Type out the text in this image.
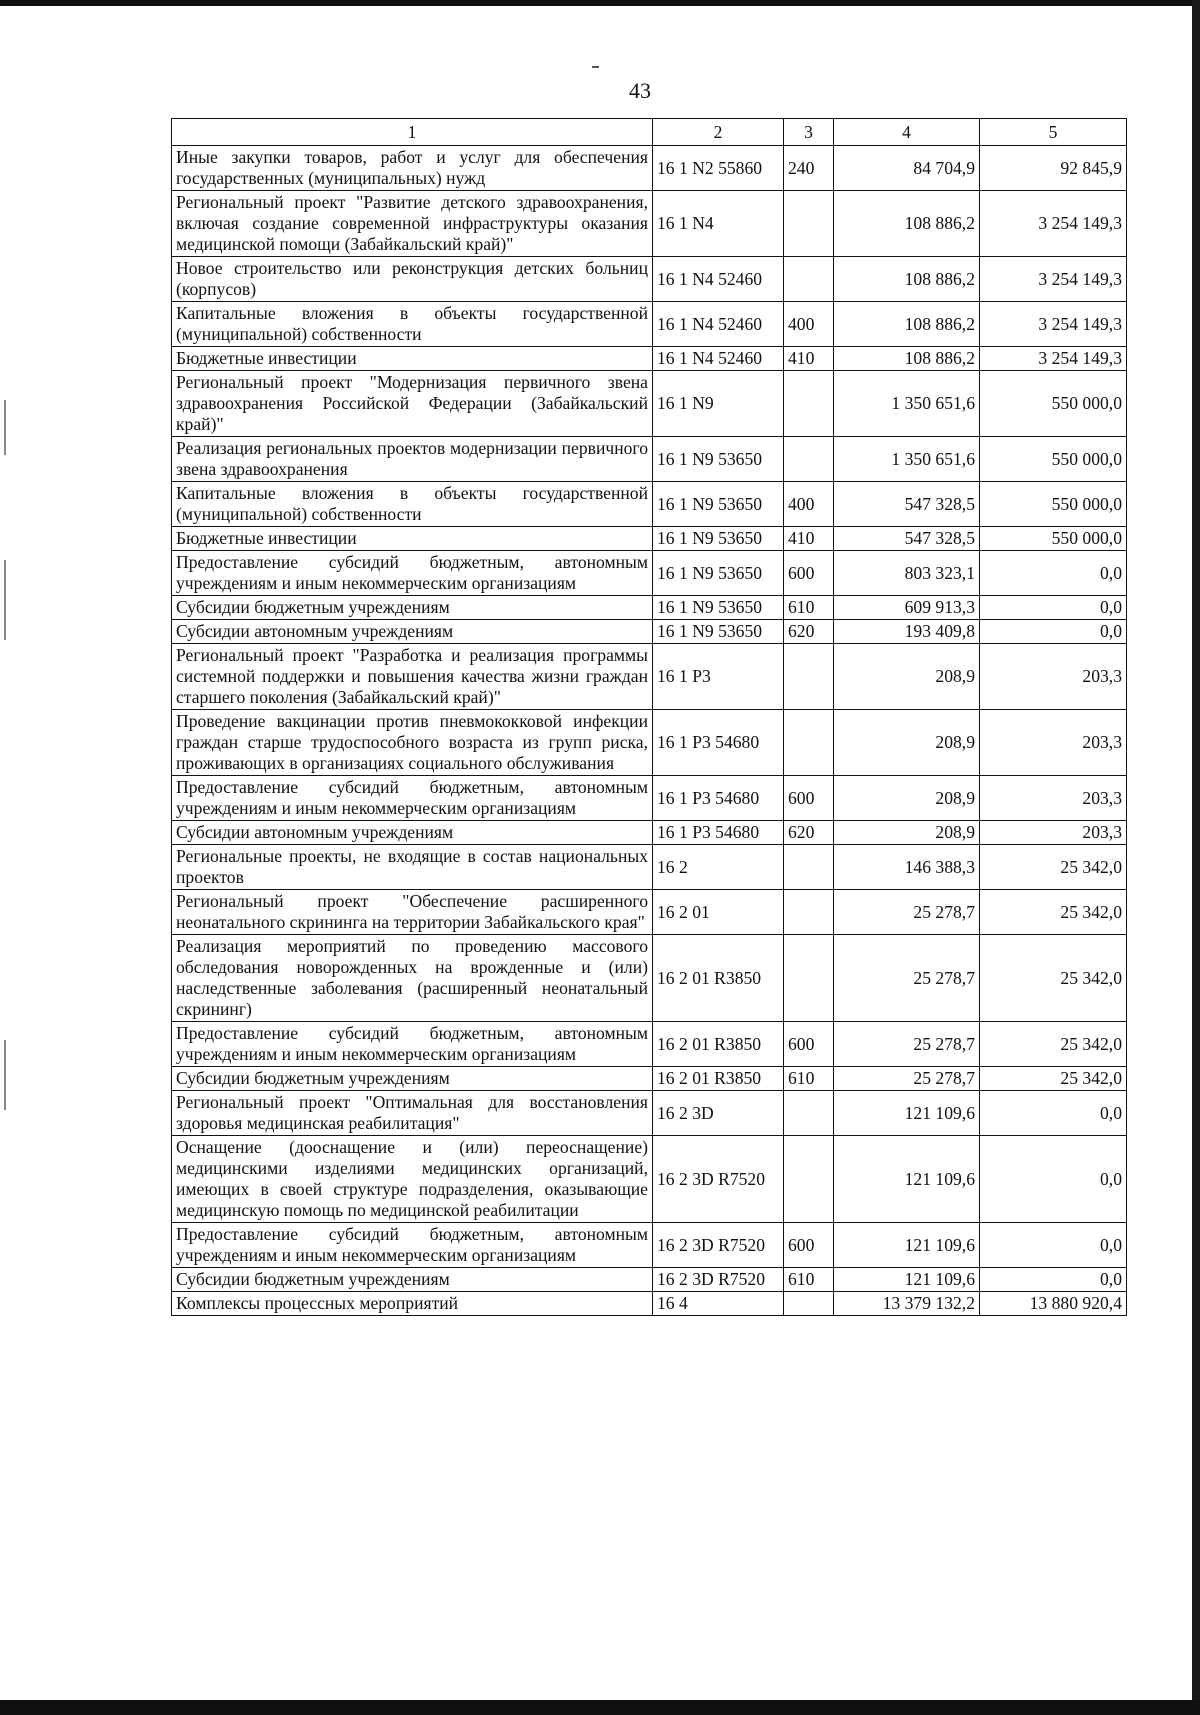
43
1	2	3	4	5
Иные закупки товаров, работ и услуг для обеспечения государственных (муниципальных) нужд	16 1 N2 55860	240	84 704,9	92 845,9
Региональный проект "Развитие детского здравоохранения, включая создание современной инфраструктуры оказания медицинской помощи (Забайкальский край)"	16 1 N4		108 886,2	3 254 149,3
Новое строительство или реконструкция детских больниц (корпусов)	16 1 N4 52460		108 886,2	3 254 149,3
Капитальные вложения в объекты государственной (муниципальной) собственности	16 1 N4 52460	400	108 886,2	3 254 149,3
Бюджетные инвестиции	16 1 N4 52460	410	108 886,2	3 254 149,3
Региональный проект "Модернизация первичного звена здравоохранения Российской Федерации (Забайкальский край)"	16 1 N9		1 350 651,6	550 000,0
Реализация региональных проектов модернизации первичного звена здравоохранения	16 1 N9 53650		1 350 651,6	550 000,0
Капитальные вложения в объекты государственной (муниципальной) собственности	16 1 N9 53650	400	547 328,5	550 000,0
Бюджетные инвестиции	16 1 N9 53650	410	547 328,5	550 000,0
Предоставление субсидий бюджетным, автономным учреждениям и иным некоммерческим организациям	16 1 N9 53650	600	803 323,1	0,0
Субсидии бюджетным учреждениям	16 1 N9 53650	610	609 913,3	0,0
Субсидии автономным учреждениям	16 1 N9 53650	620	193 409,8	0,0
Региональный проект "Разработка и реализация программы системной поддержки и повышения качества жизни граждан старшего поколения (Забайкальский край)"	16 1 P3		208,9	203,3
Проведение вакцинации против пневмококковой инфекции граждан старше трудоспособного возраста из групп риска, проживающих в организациях социального обслуживания	16 1 P3 54680		208,9	203,3
Предоставление субсидий бюджетным, автономным учреждениям и иным некоммерческим организациям	16 1 P3 54680	600	208,9	203,3
Субсидии автономным учреждениям	16 1 P3 54680	620	208,9	203,3
Региональные проекты, не входящие в состав национальных проектов	16 2		146 388,3	25 342,0
Региональный проект "Обеспечение расширенного неонатального скрининга на территории Забайкальского края"	16 2 01		25 278,7	25 342,0
Реализация мероприятий по проведению массового обследования новорожденных на врожденные и (или) наследственные заболевания (расширенный неонатальный скрининг)	16 2 01 R3850		25 278,7	25 342,0
Предоставление субсидий бюджетным, автономным учреждениям и иным некоммерческим организациям	16 2 01 R3850	600	25 278,7	25 342,0
Субсидии бюджетным учреждениям	16 2 01 R3850	610	25 278,7	25 342,0
Региональный проект "Оптимальная для восстановления здоровья медицинская реабилитация"	16 2 3D		121 109,6	0,0
Оснащение (дооснащение и (или) переоснащение) медицинскими изделиями медицинских организаций, имеющих в своей структуре подразделения, оказывающие медицинскую помощь по медицинской реабилитации	16 2 3D R7520		121 109,6	0,0
Предоставление субсидий бюджетным, автономным учреждениям и иным некоммерческим организациям	16 2 3D R7520	600	121 109,6	0,0
Субсидии бюджетным учреждениям	16 2 3D R7520	610	121 109,6	0,0
Комплексы процессных мероприятий	16 4		13 379 132,2	13 880 920,4
